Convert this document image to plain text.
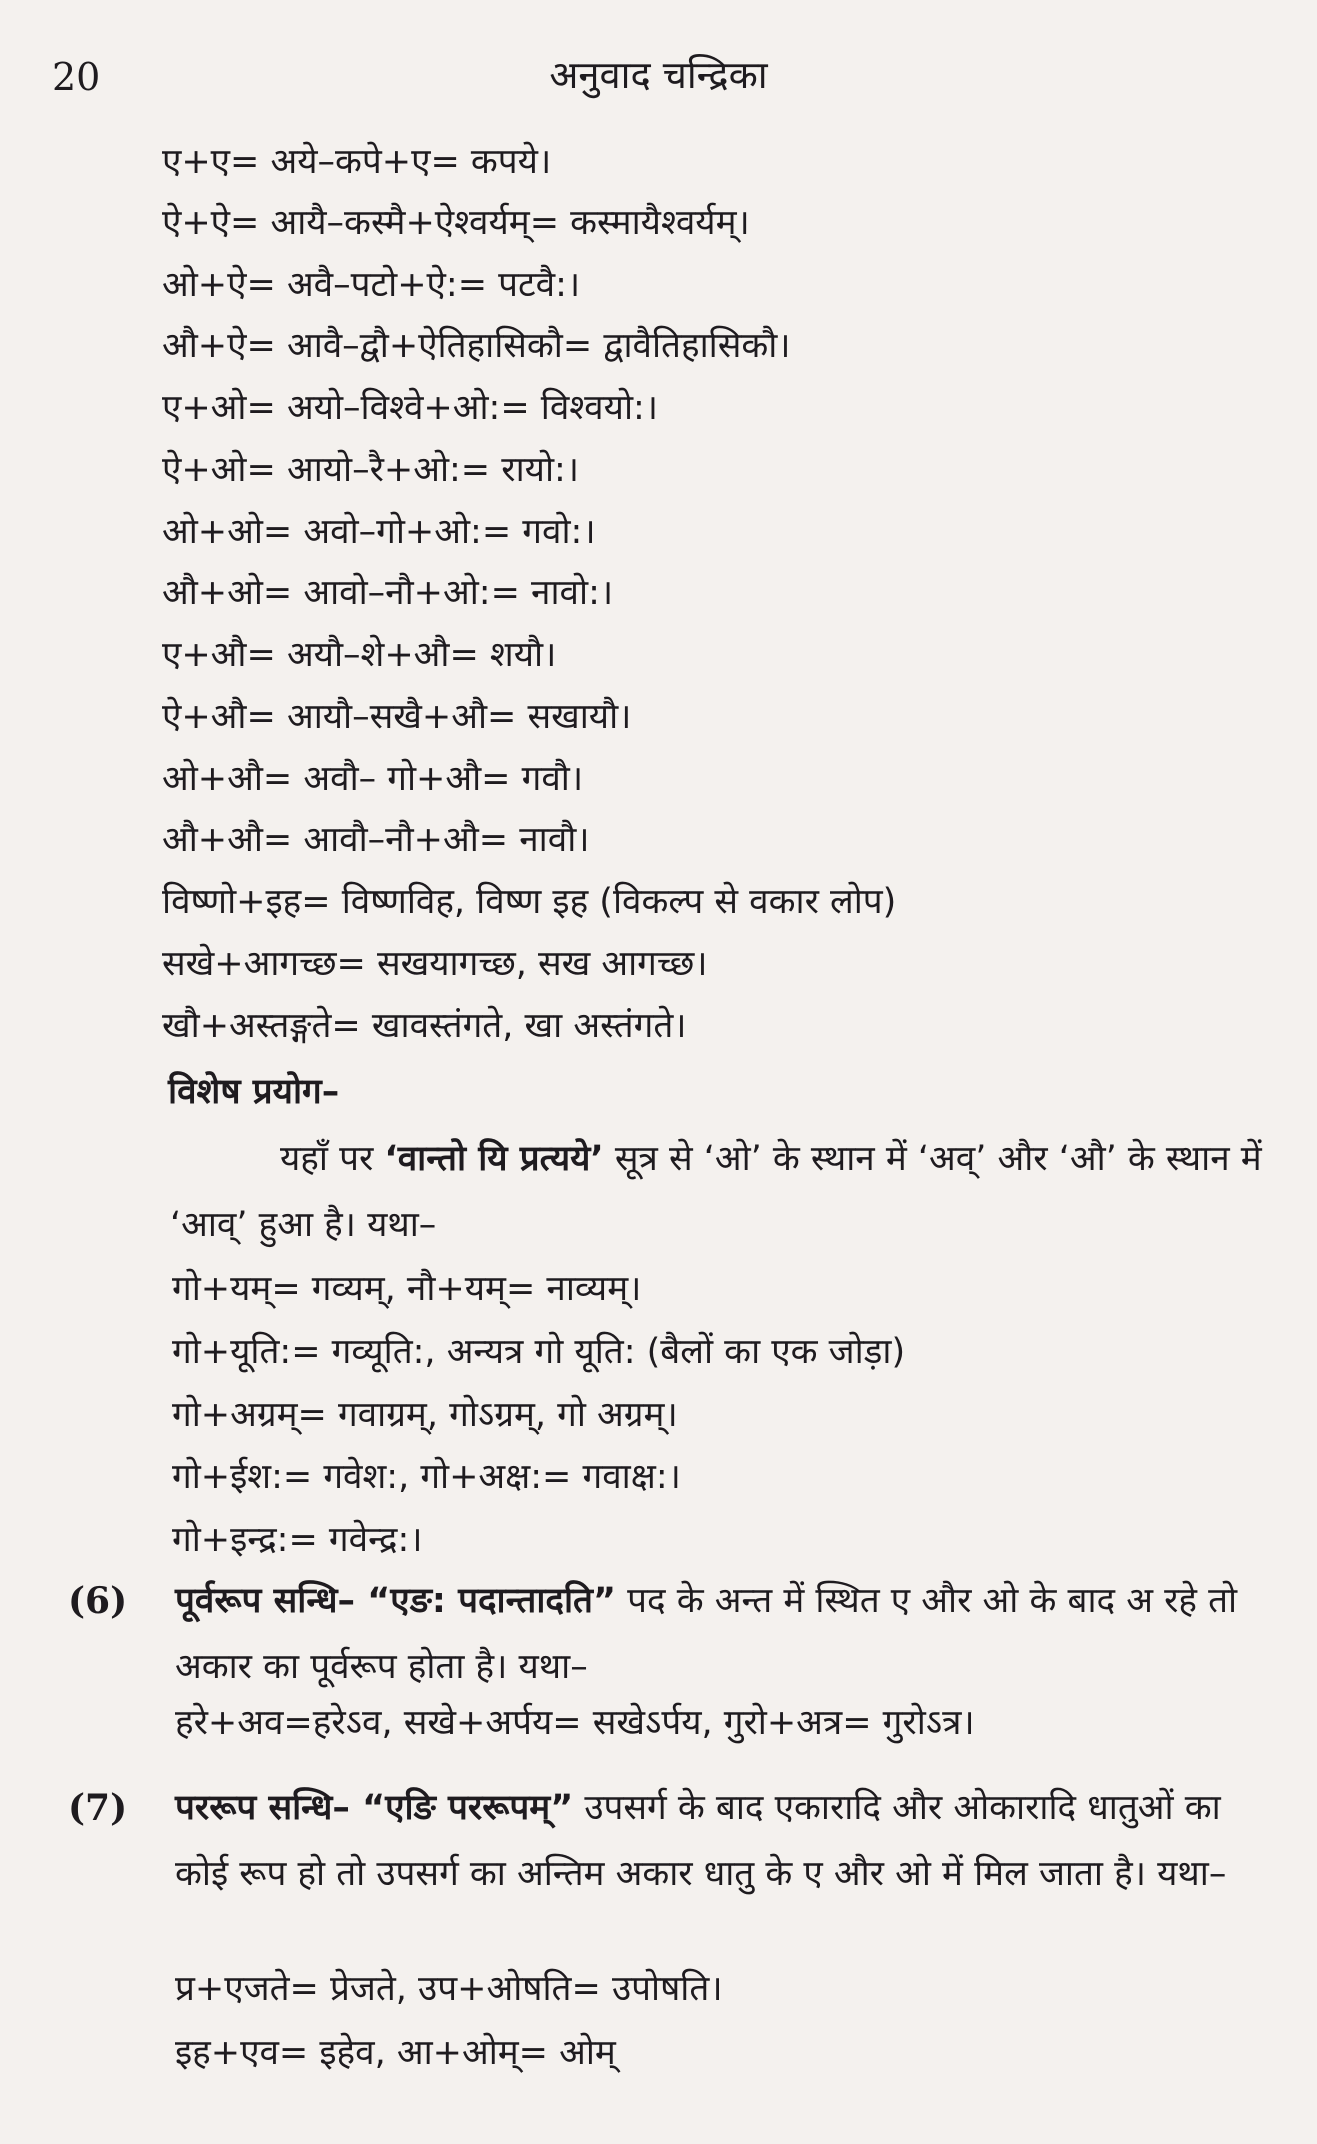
20	अनुवाद चन्द्रिका
ए+ए= अये–कपे+ए= कपये।
ऐ+ऐ= आयै–कस्मै+ऐश्वर्यम्= कस्मायैश्वर्यम्।
ओ+ऐ= अवै–पटो+ऐ:= पटवै:।
औ+ऐ= आवै–द्वौ+ऐतिहासिकौ= द्वावैतिहासिकौ।
ए+ओ= अयो–विश्वे+ओ:= विश्वयो:।
ऐ+ओ= आयो–रै+ओ:= रायो:।
ओ+ओ= अवो–गो+ओ:= गवो:।
औ+ओ= आवो–नौ+ओ:= नावो:।
ए+औ= अयौ–शे+औ= शयौ।
ऐ+औ= आयौ–सखै+औ= सखायौ।
ओ+औ= अवौ– गो+औ= गवौ।
औ+औ= आवौ–नौ+औ= नावौ।
विष्णो+इह= विष्णविह, विष्ण इह (विकल्प से वकार लोप)
सखे+आगच्छ= सखयागच्छ, सख आगच्छ।
खौ+अस्तङ्गते= खावस्तंगते, खा अस्तंगते।
विशेष प्रयोग–
यहाँ पर ‘वान्तो यि प्रत्यये’ सूत्र से ‘ओ’ के स्थान में ‘अव्’ और ‘औ’ के स्थान में ‘आव्’ हुआ है। यथा–
गो+यम्= गव्यम्, नौ+यम्= नाव्यम्।
गो+यूति:= गव्यूति:, अन्यत्र गो यूति: (बैलों का एक जोड़ा)
गो+अग्रम्= गवाग्रम्, गोऽग्रम्, गो अग्रम्।
गो+ईश:= गवेश:, गो+अक्ष:= गवाक्ष:।
गो+इन्द्र:= गवेन्द्र:।
(6) पूर्वरूप सन्धि– “एङ: पदान्तादति” पद के अन्त में स्थित ए और ओ के बाद अ रहे तो अकार का पूर्वरूप होता है। यथा–
हरे+अव=हरेऽव, सखे+अर्पय= सखेऽर्पय, गुरो+अत्र= गुरोऽत्र।
(7) पररूप सन्धि– “एङि पररूपम्” उपसर्ग के बाद एकारादि और ओकारादि धातुओं का कोई रूप हो तो उपसर्ग का अन्तिम अकार धातु के ए और ओ में मिल जाता है। यथा–
प्र+एजते= प्रेजते, उप+ओषति= उपोषति।
इह+एव= इहेव, आ+ओम्= ओम्
